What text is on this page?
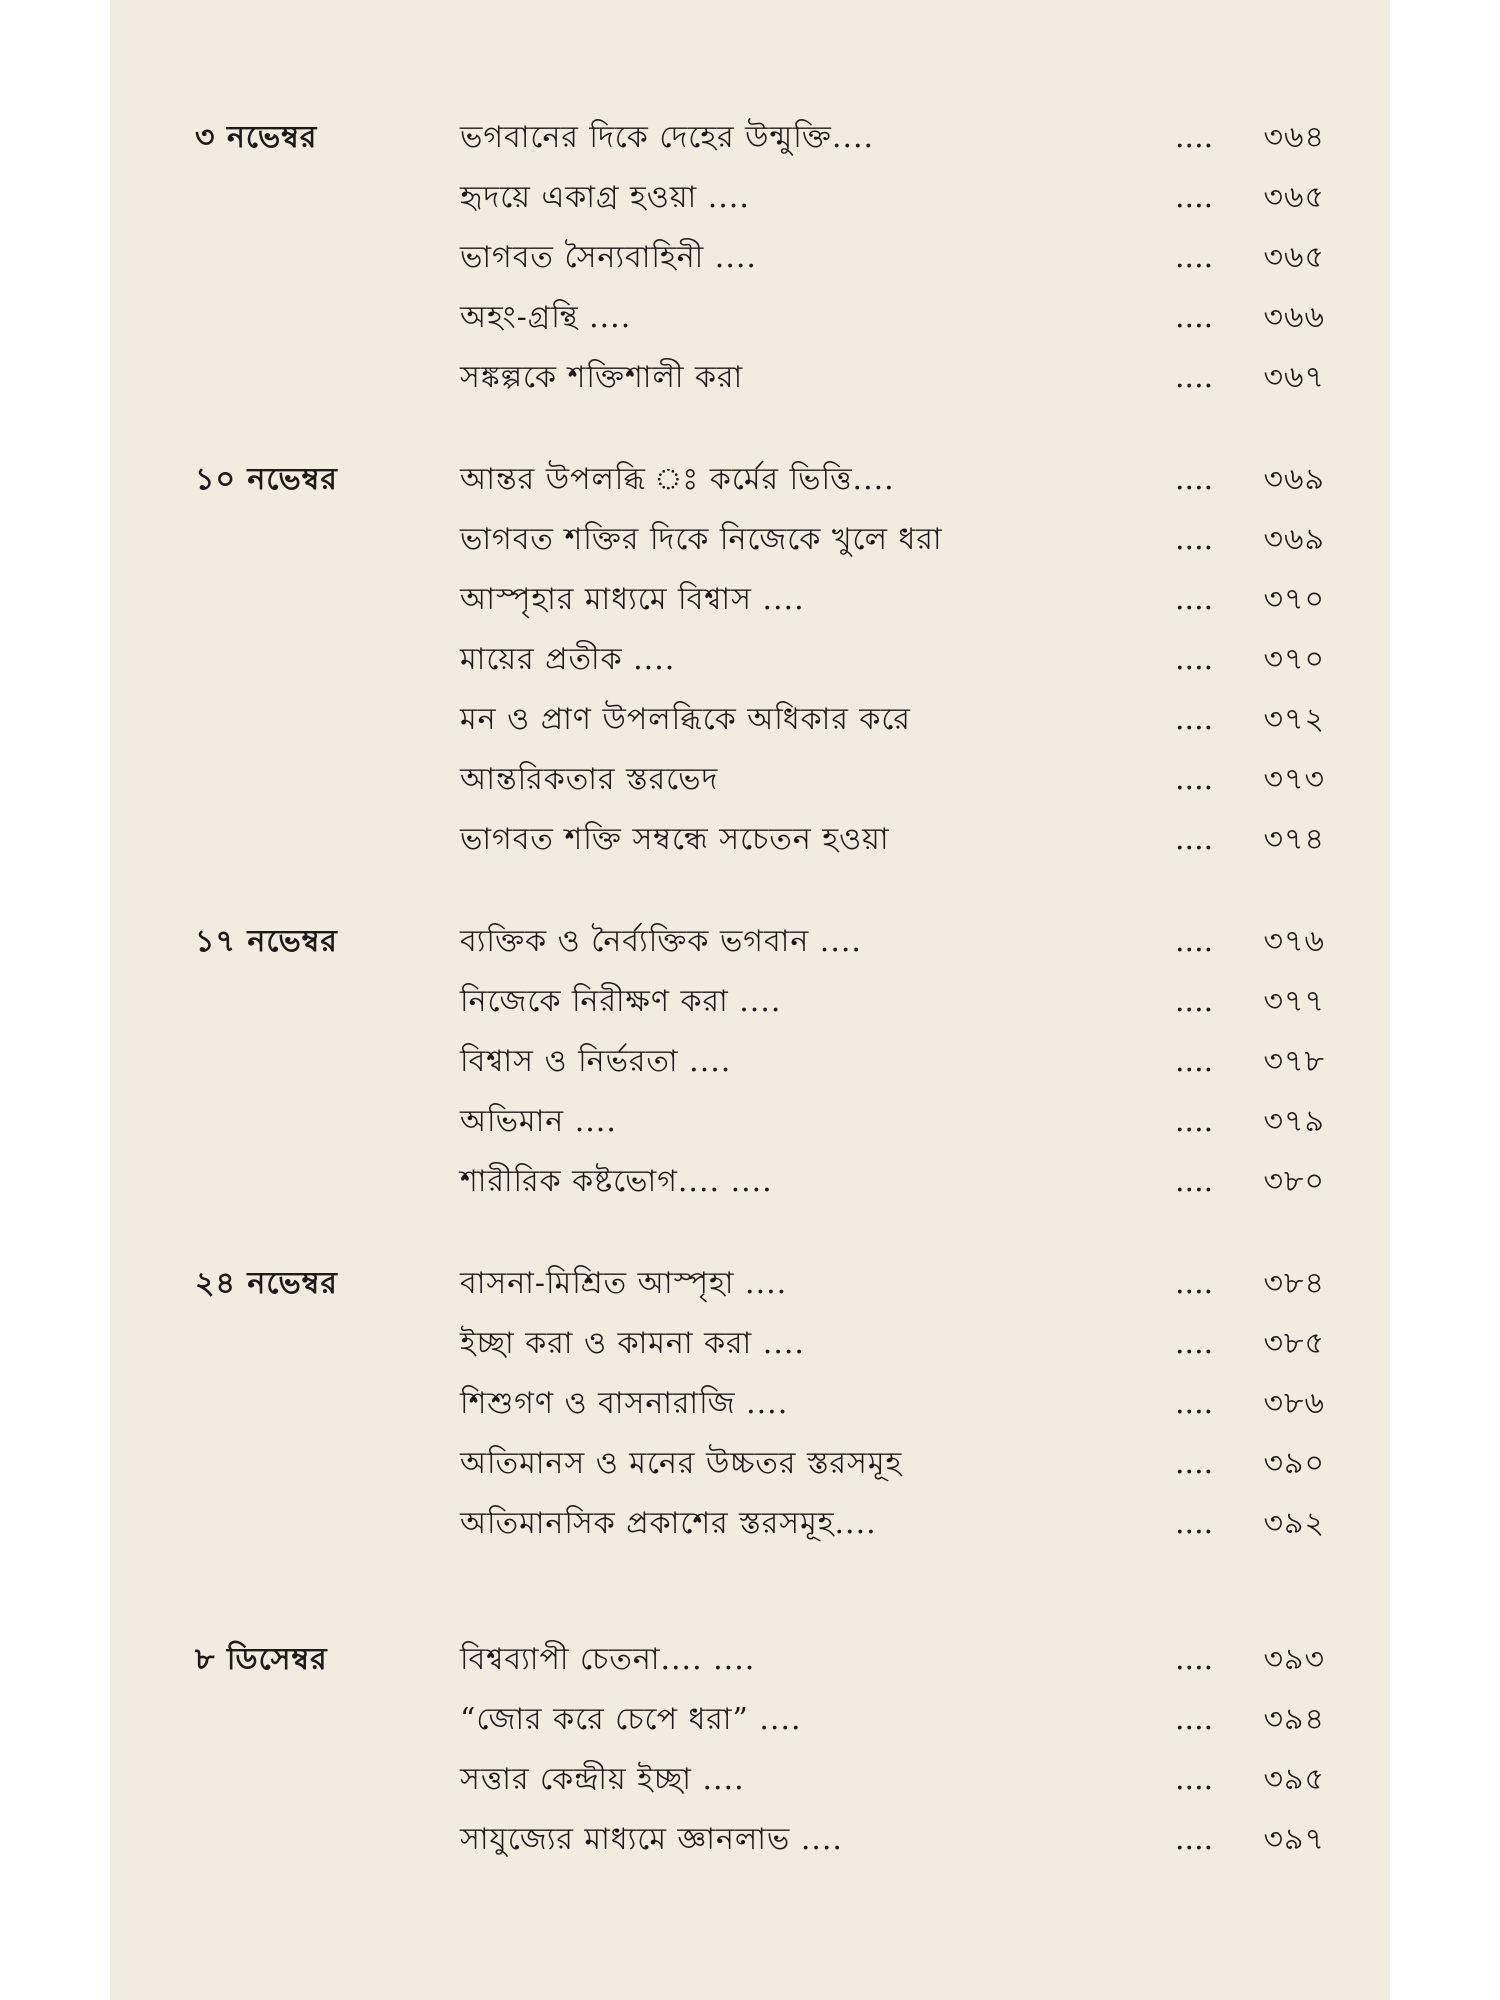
৩ নভেম্বর	ভগবানের দিকে দেহের উন্মুক্তি....	....	৩৬৪
হৃদয়ে একাগ্র হওয়া ....	....	৩৬৫
ভাগবত সৈন্যবাহিনী ....	....	৩৬৫
অহং-গ্রন্থি ....	....	৩৬৬
সঙ্কল্পকে শক্তিশালী করা	....	৩৬৭
১০ নভেম্বর	আন্তর উপলব্ধি ঃ কর্মের ভিত্তি....	....	৩৬৯
ভাগবত শক্তির দিকে নিজেকে খুলে ধরা	....	৩৬৯
আস্পৃহার মাধ্যমে বিশ্বাস ....	....	৩৭০
মায়ের প্রতীক ....	....	৩৭০
মন ও প্রাণ উপলব্ধিকে অধিকার করে	....	৩৭২
আন্তরিকতার স্তরভেদ	....	৩৭৩
ভাগবত শক্তি সম্বন্ধে সচেতন হওয়া	....	৩৭৪
১৭ নভেম্বর	ব্যক্তিক ও নৈর্ব্যক্তিক ভগবান ....	....	৩৭৬
নিজেকে নিরীক্ষণ করা ....	....	৩৭৭
বিশ্বাস ও নির্ভরতা ....	....	৩৭৮
অভিমান ....	....	৩৭৯
শারীরিক কষ্টভোগ.... ....	....	৩৮০
২৪ নভেম্বর	বাসনা-মিশ্রিত আস্পৃহা ....	....	৩৮৪
ইচ্ছা করা ও কামনা করা ....	....	৩৮৫
শিশুগণ ও বাসনারাজি ....	....	৩৮৬
অতিমানস ও মনের উচ্চতর স্তরসমূহ	....	৩৯০
অতিমানসিক প্রকাশের স্তরসমূহ....	....	৩৯২
৮ ডিসেম্বর	বিশ্বব্যাপী চেতনা.... ....	....	৩৯৩
“জোর করে চেপে ধরা” ....	....	৩৯৪
সত্তার কেন্দ্রীয় ইচ্ছা ....	....	৩৯৫
সাযুজ্যের মাধ্যমে জ্ঞানলাভ ....	....	৩৯৭
